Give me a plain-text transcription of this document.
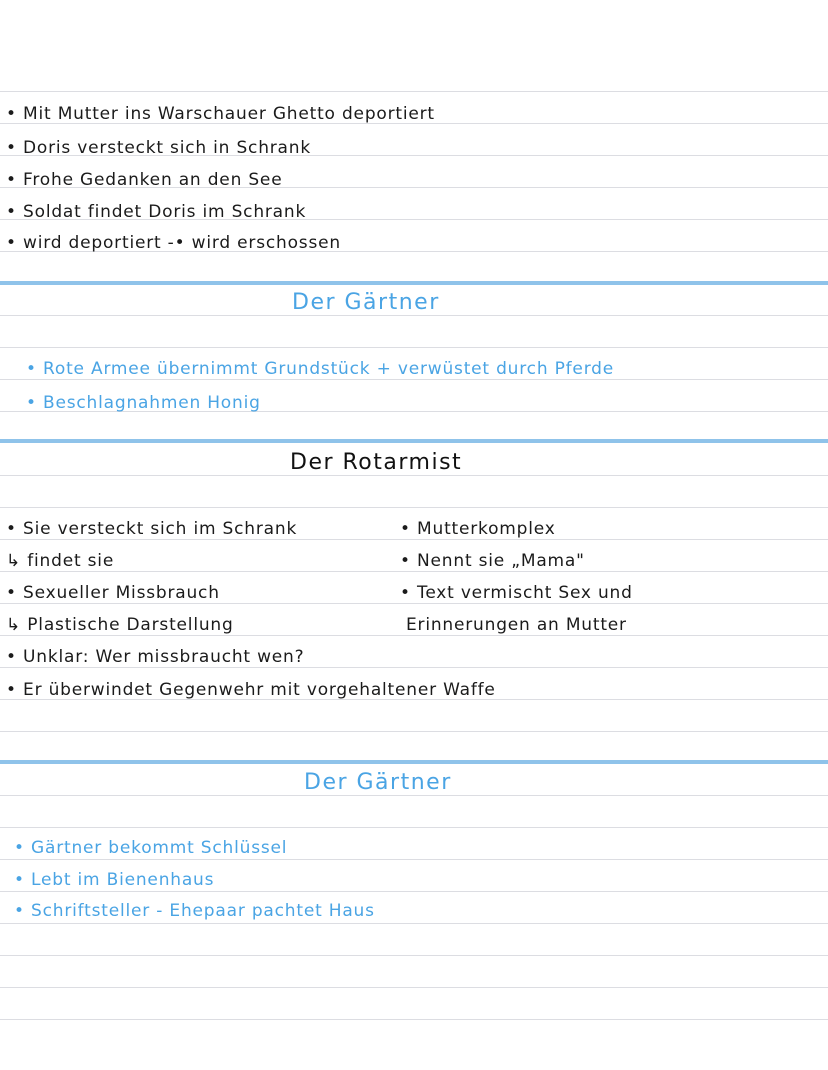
• Mit Mutter ins Warschauer Ghetto deportiert
• Doris versteckt sich in Schrank
• Frohe Gedanken an den See
• Soldat findet Doris im Schrank
• wird deportiert -• wird erschossen
Der Gärtner
• Rote Armee übernimmt Grundstück + verwüstet durch Pferde
• Beschlagnahmen Honig
Der Rotarmist
• Sie versteckt sich im Schrank
↳ findet sie
• Sexueller Missbrauch
↳ Plastische Darstellung
• Unklar: Wer missbraucht wen?
• Er überwindet Gegenwehr mit vorgehaltener Waffe
• Mutterkomplex
• Nennt sie „Mama"
• Text vermischt Sex und
Erinnerungen an Mutter
Der Gärtner
• Gärtner bekommt Schlüssel
• Lebt im Bienenhaus
• Schriftsteller - Ehepaar pachtet Haus
